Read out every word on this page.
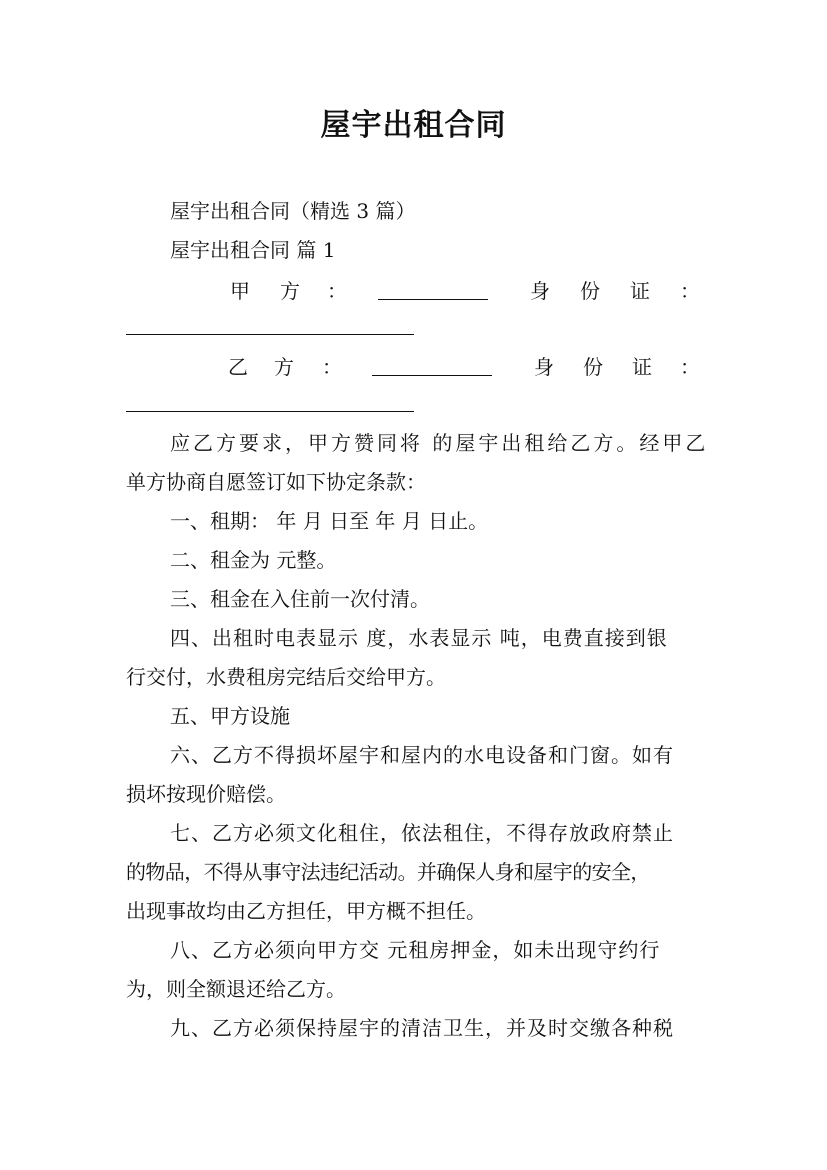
屋宇出租合同
屋宇出租合同（精选 3 篇）
屋宇出租合同 篇 1
甲 方 ：	身 份 证 ：
乙 方 ：	身 份 证 ：
应乙方要求，甲方赞同将 的屋宇出租给乙方。经甲乙
单方协商自愿签订如下协定条款：
一、租期： 年 月 日至 年 月 日止。
二、租金为 元整。
三、租金在入住前一次付清。
四、出租时电表显示 度，水表显示 吨，电费直接到银
行交付，水费租房完结后交给甲方。
五、甲方设施
六、乙方不得损坏屋宇和屋内的水电设备和门窗。如有
损坏按现价赔偿。
七、乙方必须文化租住，依法租住，不得存放政府禁止
的物品，不得从事守法违纪活动。并确保人身和屋宇的安全，
出现事故均由乙方担任，甲方概不担任。
八、乙方必须向甲方交 元租房押金，如未出现守约行
为，则全额退还给乙方。
九、乙方必须保持屋宇的清洁卫生，并及时交缴各种税
